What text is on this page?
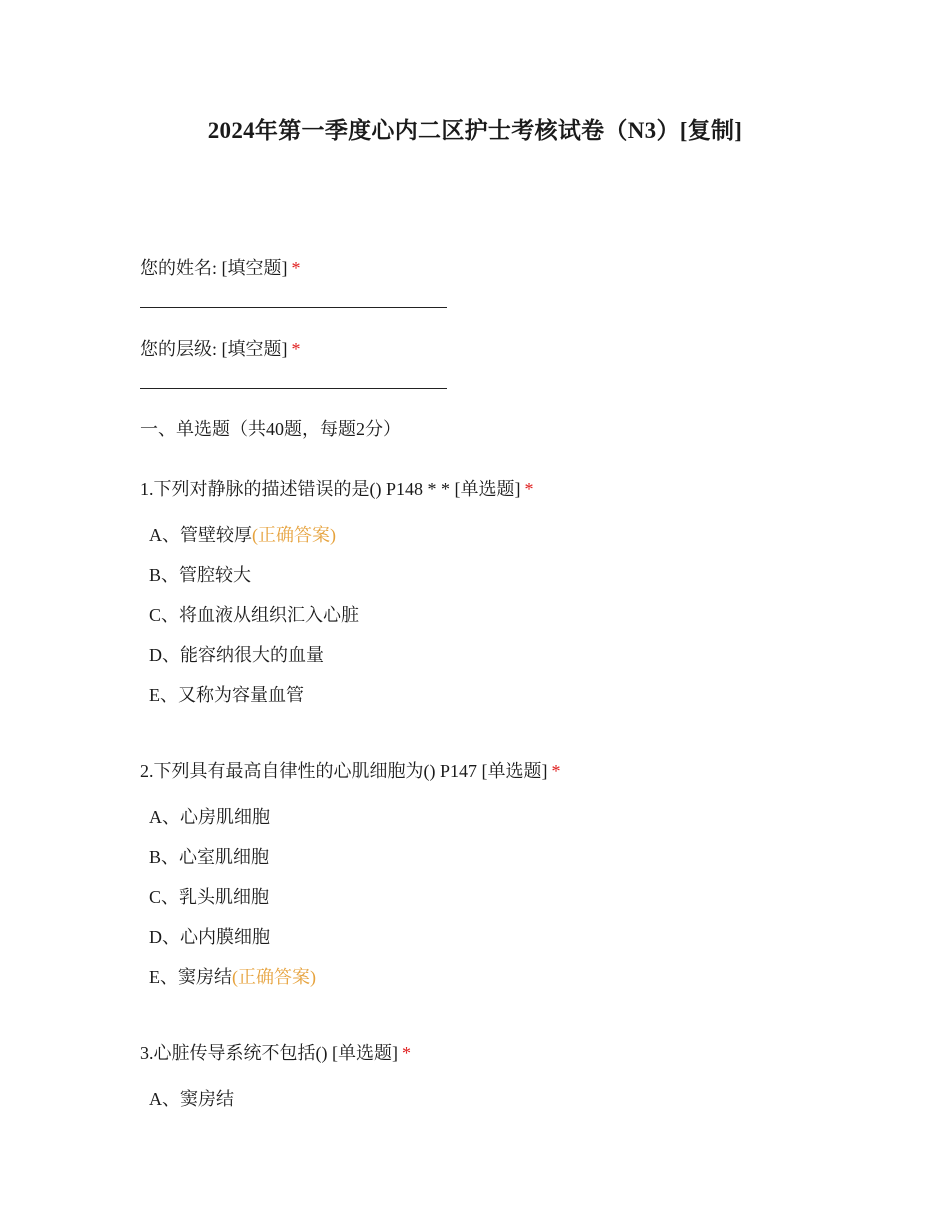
2024年第一季度心内二区护士考核试卷（N3）[复制]
您的姓名: [填空题] *
您的层级: [填空题] *
一、单选题（共40题，每题2分）
1.下列对静脉的描述错误的是() P148 * * [单选题] *
A、管壁较厚(正确答案)
B、管腔较大
C、将血液从组织汇入心脏
D、能容纳很大的血量
E、又称为容量血管
2.下列具有最高自律性的心肌细胞为() P147 [单选题] *
A、心房肌细胞
B、心室肌细胞
C、乳头肌细胞
D、心内膜细胞
E、窦房结(正确答案)
3.心脏传导系统不包括() [单选题] *
A、窦房结
